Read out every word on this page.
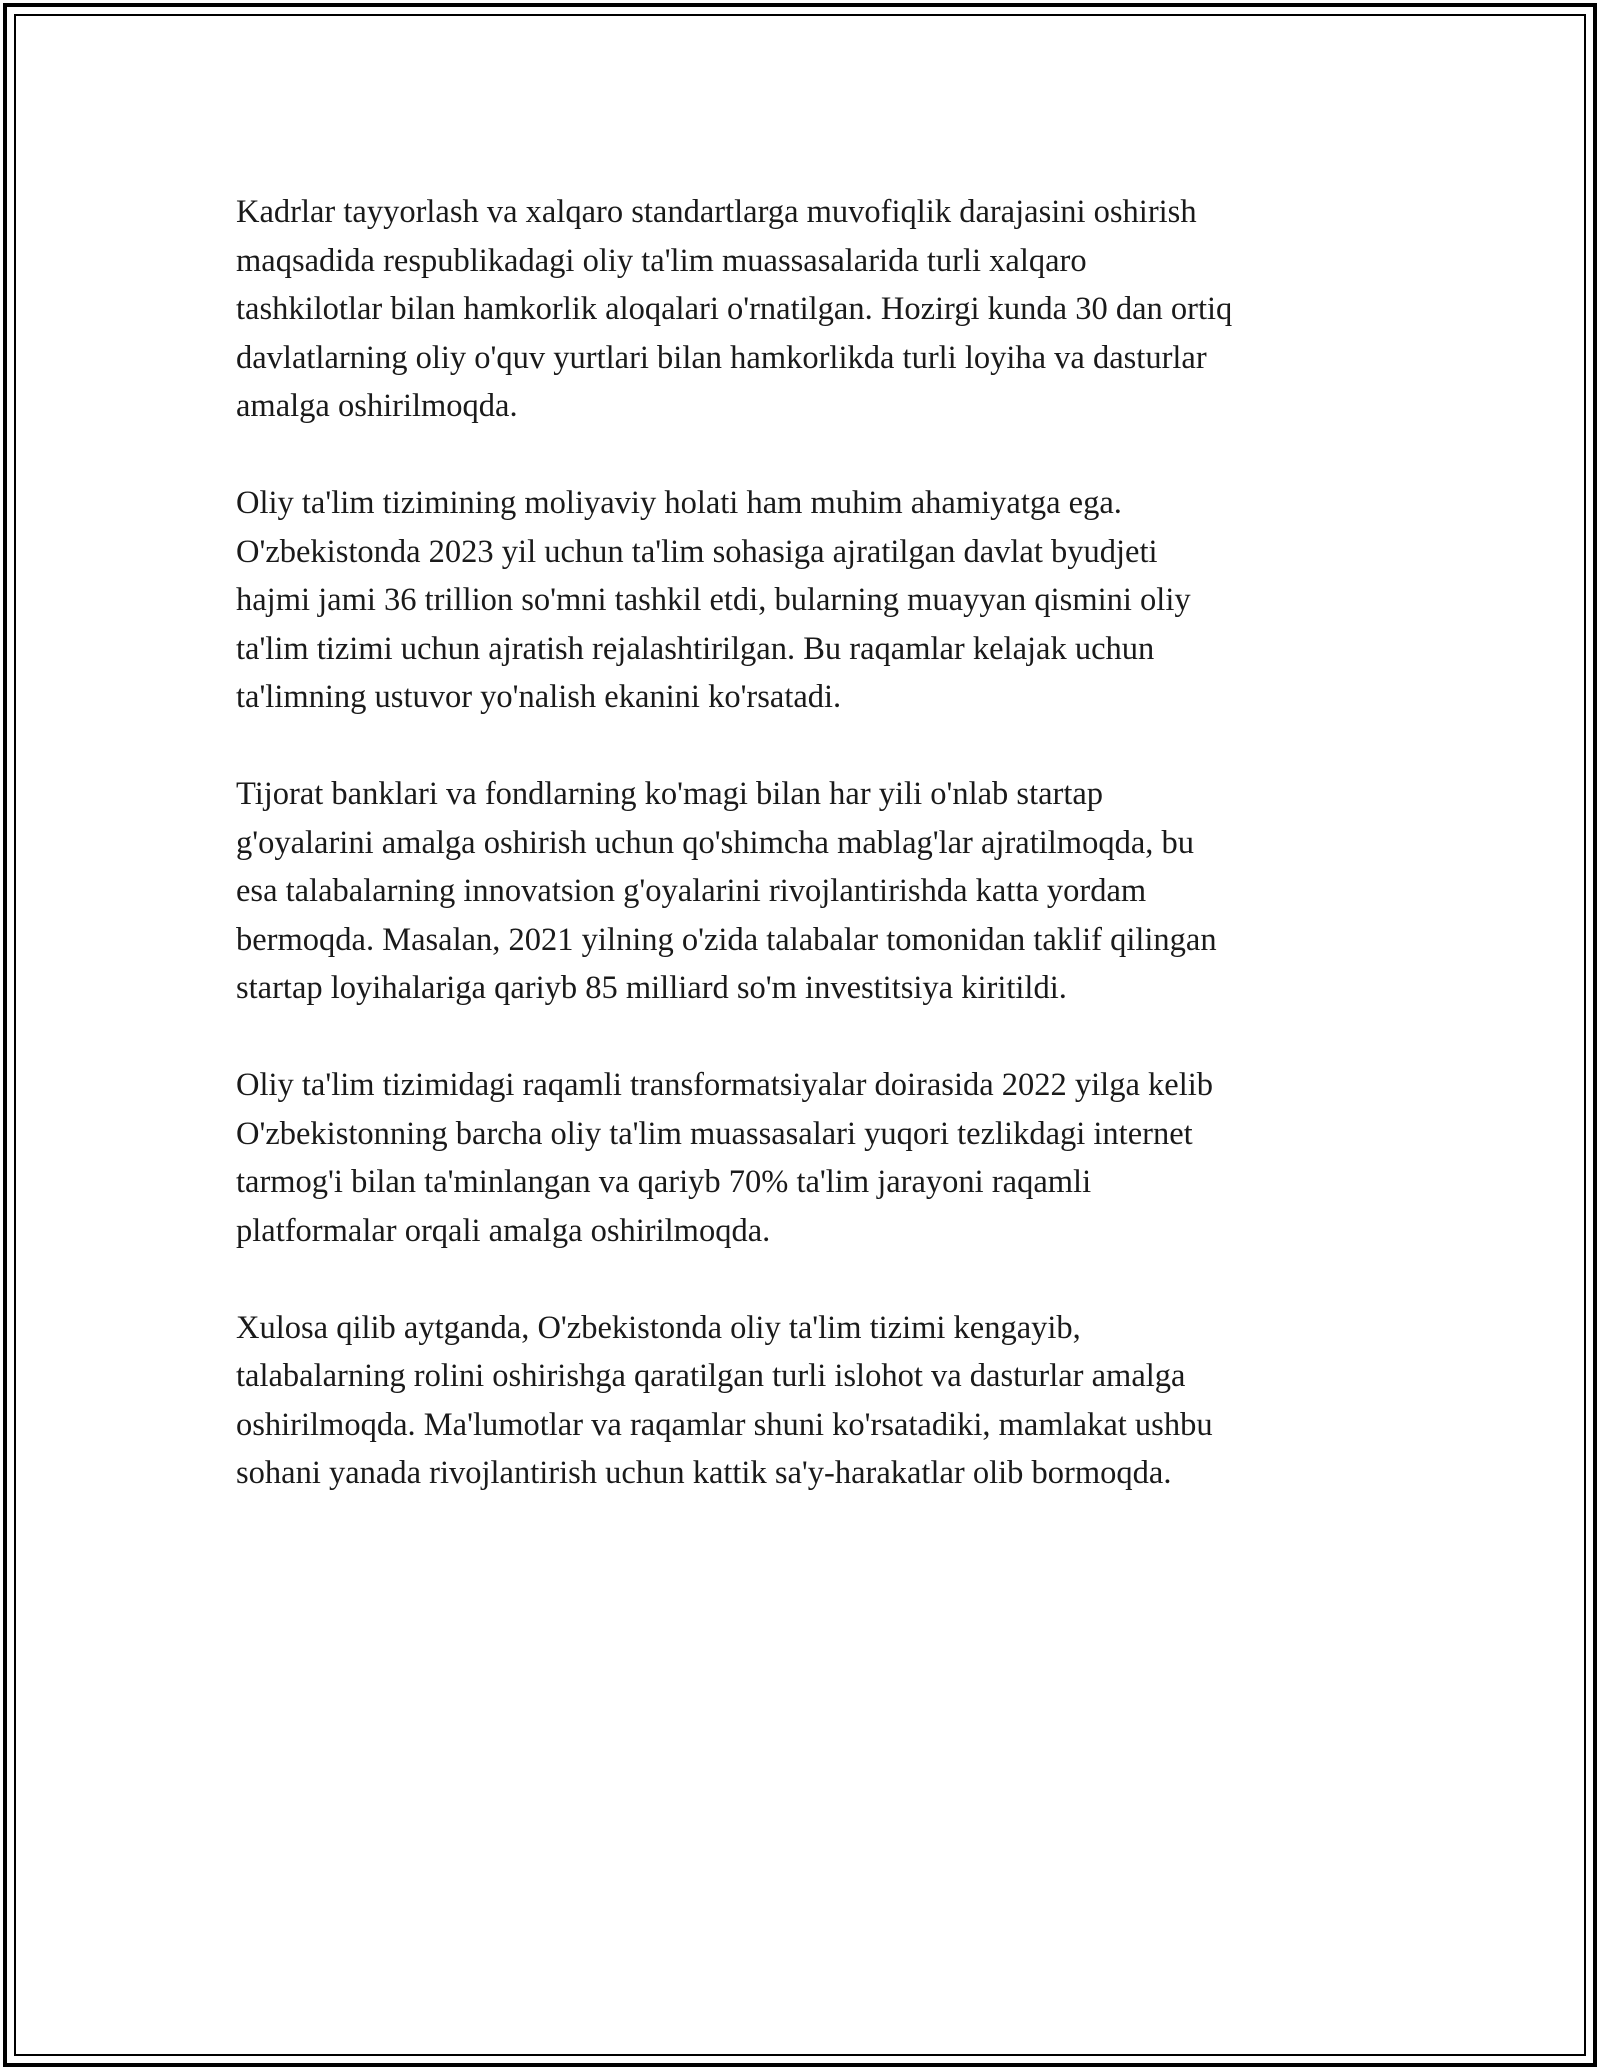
Kadrlar tayyorlash va xalqaro standartlarga muvofiqlik darajasini oshirish
maqsadida respublikadagi oliy ta'lim muassasalarida turli xalqaro
tashkilotlar bilan hamkorlik aloqalari o'rnatilgan. Hozirgi kunda 30 dan ortiq
davlatlarning oliy o'quv yurtlari bilan hamkorlikda turli loyiha va dasturlar
amalga oshirilmoqda.

Oliy ta'lim tizimining moliyaviy holati ham muhim ahamiyatga ega.
O'zbekistonda 2023 yil uchun ta'lim sohasiga ajratilgan davlat byudjeti
hajmi jami 36 trillion so'mni tashkil etdi, bularning muayyan qismini oliy
ta'lim tizimi uchun ajratish rejalashtirilgan. Bu raqamlar kelajak uchun
ta'limning ustuvor yo'nalish ekanini ko'rsatadi.

Tijorat banklari va fondlarning ko'magi bilan har yili o'nlab startap
g'oyalarini amalga oshirish uchun qo'shimcha mablag'lar ajratilmoqda, bu
esa talabalarning innovatsion g'oyalarini rivojlantirishda katta yordam
bermoqda. Masalan, 2021 yilning o'zida talabalar tomonidan taklif qilingan
startap loyihalariga qariyb 85 milliard so'm investitsiya kiritildi.

Oliy ta'lim tizimidagi raqamli transformatsiyalar doirasida 2022 yilga kelib
O'zbekistonning barcha oliy ta'lim muassasalari yuqori tezlikdagi internet
tarmog'i bilan ta'minlangan va qariyb 70% ta'lim jarayoni raqamli
platformalar orqali amalga oshirilmoqda.

Xulosa qilib aytganda, O'zbekistonda oliy ta'lim tizimi kengayib,
talabalarning rolini oshirishga qaratilgan turli islohot va dasturlar amalga
oshirilmoqda. Ma'lumotlar va raqamlar shuni ko'rsatadiki, mamlakat ushbu
sohani yanada rivojlantirish uchun kattik sa'y-harakatlar olib bormoqda.
